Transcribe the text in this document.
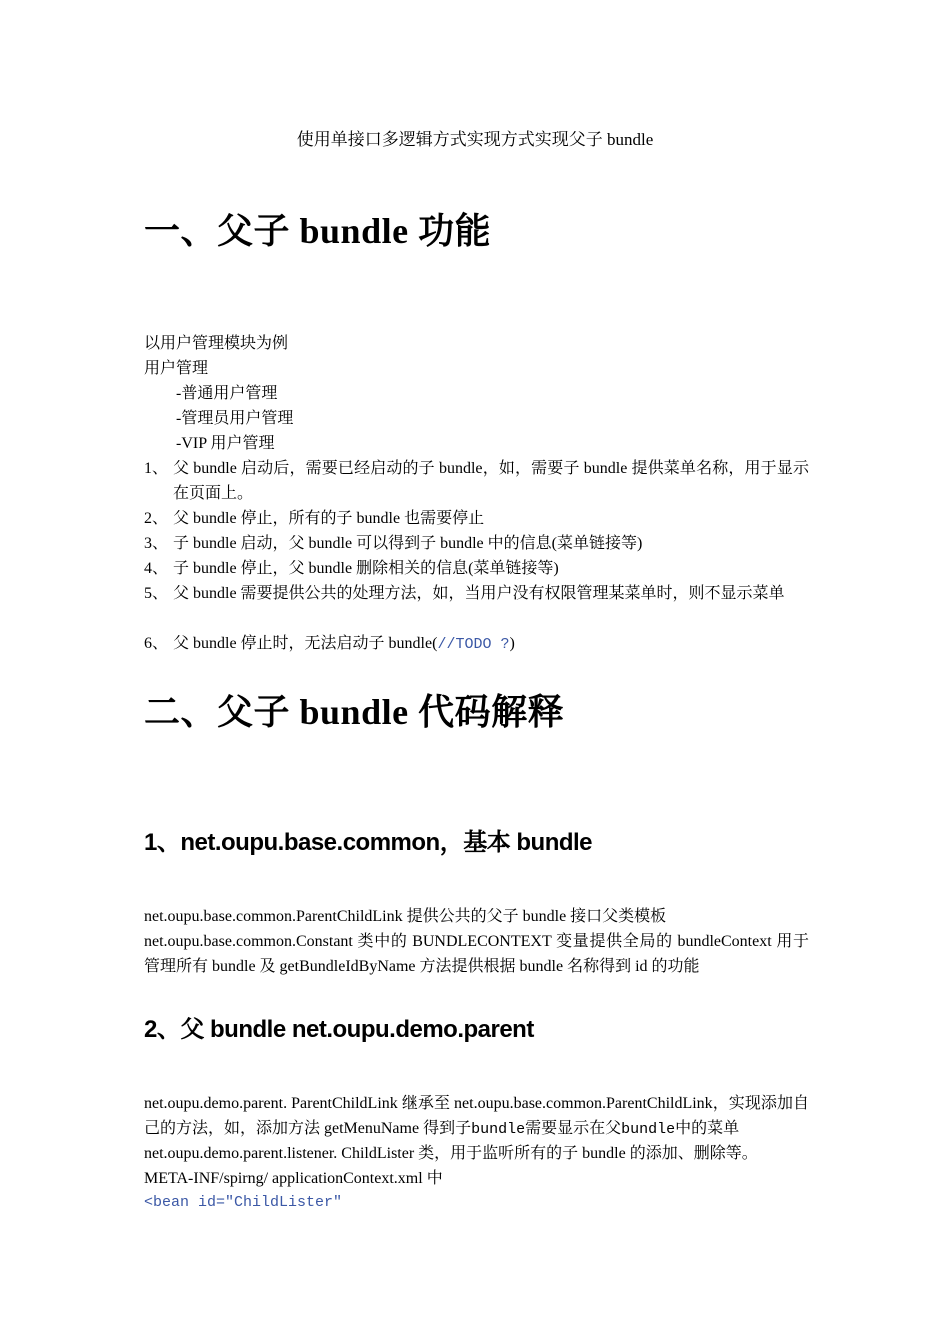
使用单接口多逻辑方式实现方式实现父子 bundle
一、父子 bundle 功能
以用户管理模块为例
用户管理
-普通用户管理
-管理员用户管理
-VIP 用户管理
1、 父 bundle 启动后，需要已经启动的子 bundle，如，需要子 bundle 提供菜单名称，用于显示在页面上。
2、 父 bundle 停止，所有的子 bundle 也需要停止
3、 子 bundle 启动，父 bundle 可以得到子 bundle 中的信息(菜单链接等)
4、 子 bundle 停止，父 bundle 删除相关的信息(菜单链接等)
5、 父 bundle 需要提供公共的处理方法，如，当用户没有权限管理某菜单时，则不显示菜单
6、 父 bundle 停止时，无法启动子 bundle(//TODO ?)
二、父子 bundle 代码解释
1、net.oupu.base.common，基本 bundle
net.oupu.base.common.ParentChildLink 提供公共的父子 bundle 接口父类模板
net.oupu.base.common.Constant 类中的 BUNDLECONTEXT 变量提供全局的 bundleContext 用于管理所有 bundle 及 getBundleIdByName 方法提供根据 bundle 名称得到 id 的功能
2、父 bundle net.oupu.demo.parent
net.oupu.demo.parent. ParentChildLink 继承至 net.oupu.base.common.ParentChildLink，实现添加自己的方法，如，添加方法 getMenuName 得到子bundle需要显示在父bundle中的菜单
net.oupu.demo.parent.listener. ChildLister 类，用于监听所有的子 bundle 的添加、删除等。
META-INF/spirng/ applicationContext.xml 中
<bean id="ChildLister"
